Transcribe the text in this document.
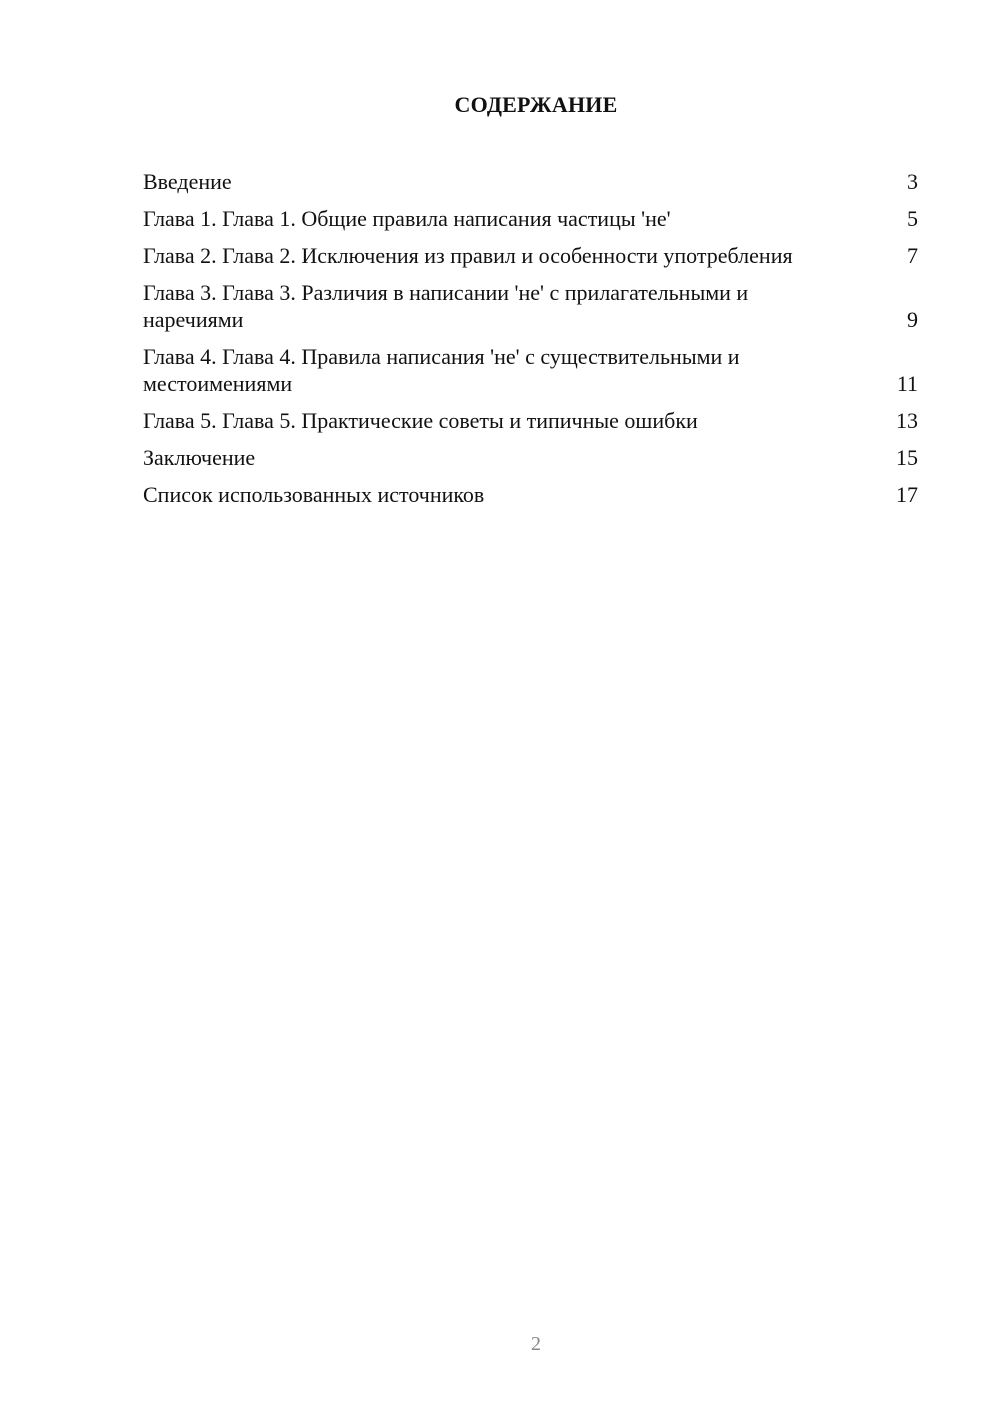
СОДЕРЖАНИЕ
Введение	3
Глава 1. Глава 1. Общие правила написания частицы 'не'	5
Глава 2. Глава 2. Исключения из правил и особенности употребления	7
Глава 3. Глава 3. Различия в написании 'не' с прилагательными и наречиями	9
Глава 4. Глава 4. Правила написания 'не' с существительными и местоимениями	11
Глава 5. Глава 5. Практические советы и типичные ошибки	13
Заключение	15
Список использованных источников	17
2
